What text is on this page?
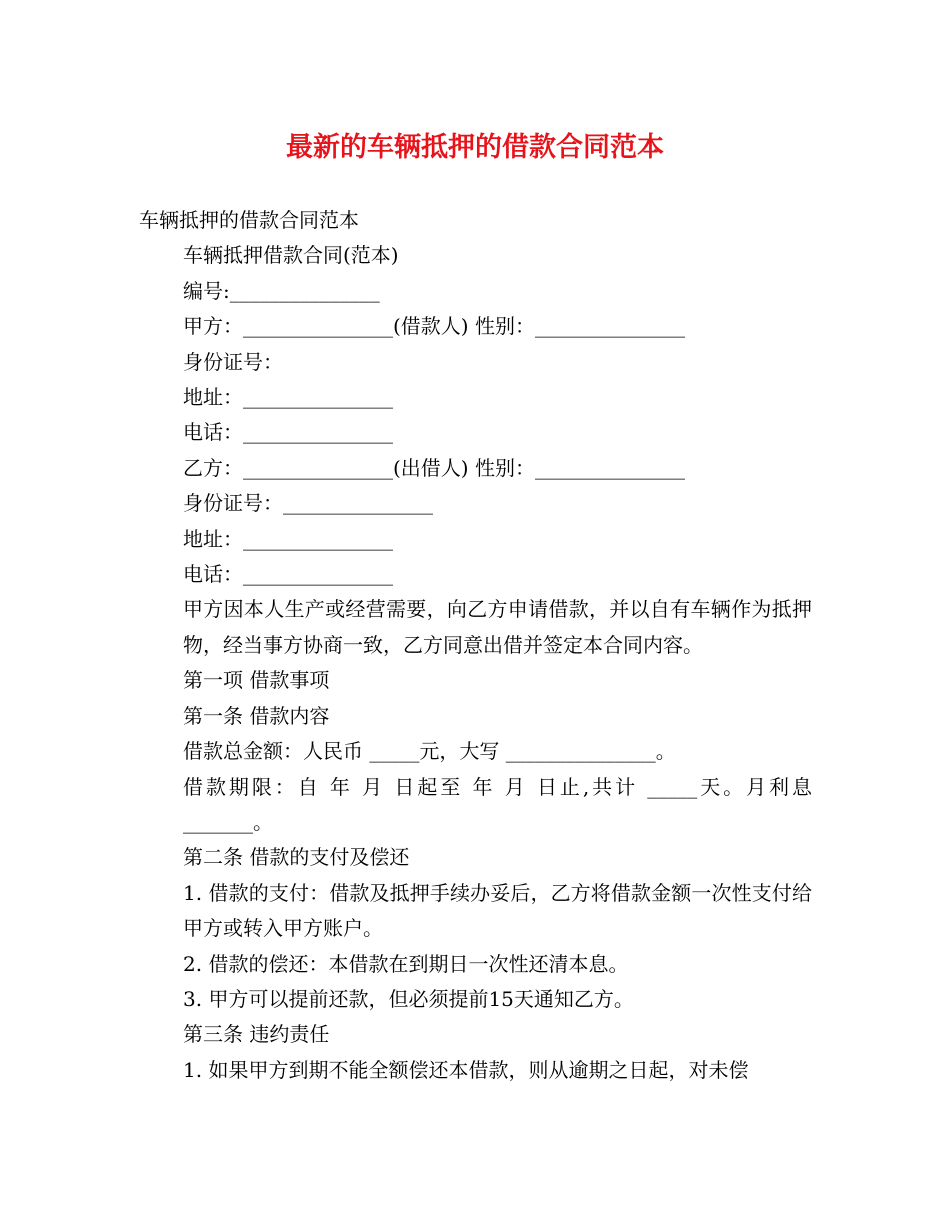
最新的车辆抵押的借款合同范本

车辆抵押的借款合同范本

车辆抵押借款合同(范本)

编号:_______________

甲方：_______________(借款人) 性别：_______________

身份证号：

地址：_______________

电话：_______________

乙方：_______________(出借人) 性别：_______________

身份证号：_______________

地址：_______________

电话：_______________

甲方因本人生产或经营需要，向乙方申请借款，并以自有车辆作为抵押物，经当事方协商一致，乙方同意出借并签定本合同内容。

第一项 借款事项

第一条 借款内容

借款总金额：人民币 _____元，大写 _______________。

借款期限：自 年 月 日起至 年 月 日止,共计 _____天。月利息_______。

第二条 借款的支付及偿还

1. 借款的支付：借款及抵押手续办妥后，乙方将借款金额一次性支付给甲方或转入甲方账户。

2. 借款的偿还：本借款在到期日一次性还清本息。

3. 甲方可以提前还款，但必须提前15天通知乙方。

第三条 违约责任

1. 如果甲方到期不能全额偿还本借款，则从逾期之日起，对未偿
